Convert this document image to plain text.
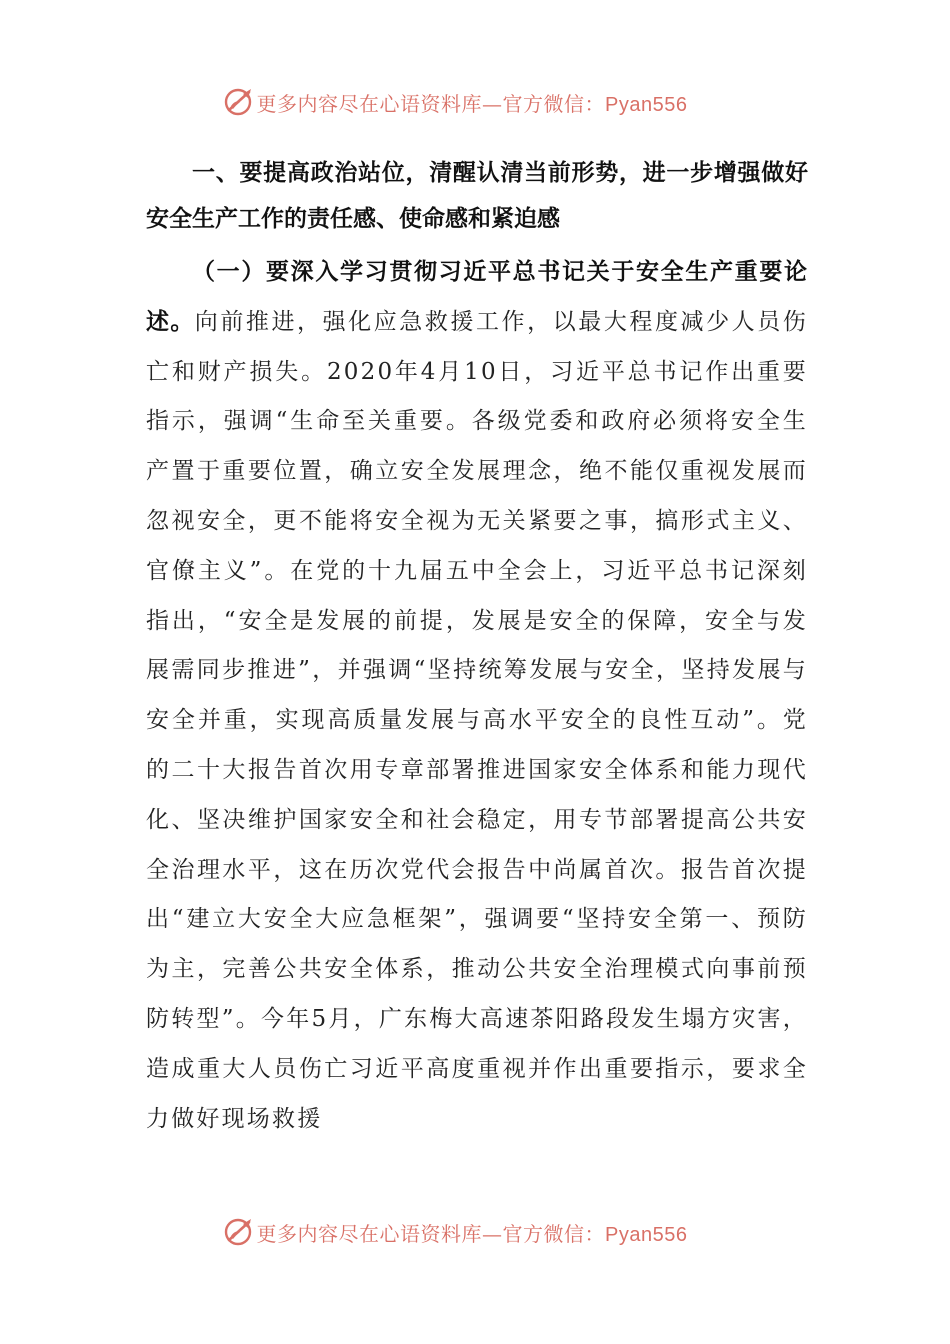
更多内容尽在心语资料库—官方微信：Pyan556

一、要提高政治站位，清醒认清当前形势，进一步增强做好安全生产工作的责任感、使命感和紧迫感

（一）要深入学习贯彻习近平总书记关于安全生产重要论述。向前推进，强化应急救援工作，以最大程度减少人员伤亡和财产损失。2020年4月10日，习近平总书记作出重要指示，强调“生命至关重要。各级党委和政府必须将安全生产置于重要位置，确立安全发展理念，绝不能仅重视发展而忽视安全，更不能将安全视为无关紧要之事，搞形式主义、官僚主义”。在党的十九届五中全会上，习近平总书记深刻指出，“安全是发展的前提，发展是安全的保障，安全与发展需同步推进”，并强调“坚持统筹发展与安全，坚持发展与安全并重，实现高质量发展与高水平安全的良性互动”。党的二十大报告首次用专章部署推进国家安全体系和能力现代化、坚决维护国家安全和社会稳定，用专节部署提高公共安全治理水平，这在历次党代会报告中尚属首次。报告首次提出“建立大安全大应急框架”，强调要“坚持安全第一、预防为主，完善公共安全体系，推动公共安全治理模式向事前预防转型”。今年5月，广东梅大高速茶阳路段发生塌方灾害，造成重大人员伤亡习近平高度重视并作出重要指示，要求全力做好现场救援

更多内容尽在心语资料库—官方微信：Pyan556
